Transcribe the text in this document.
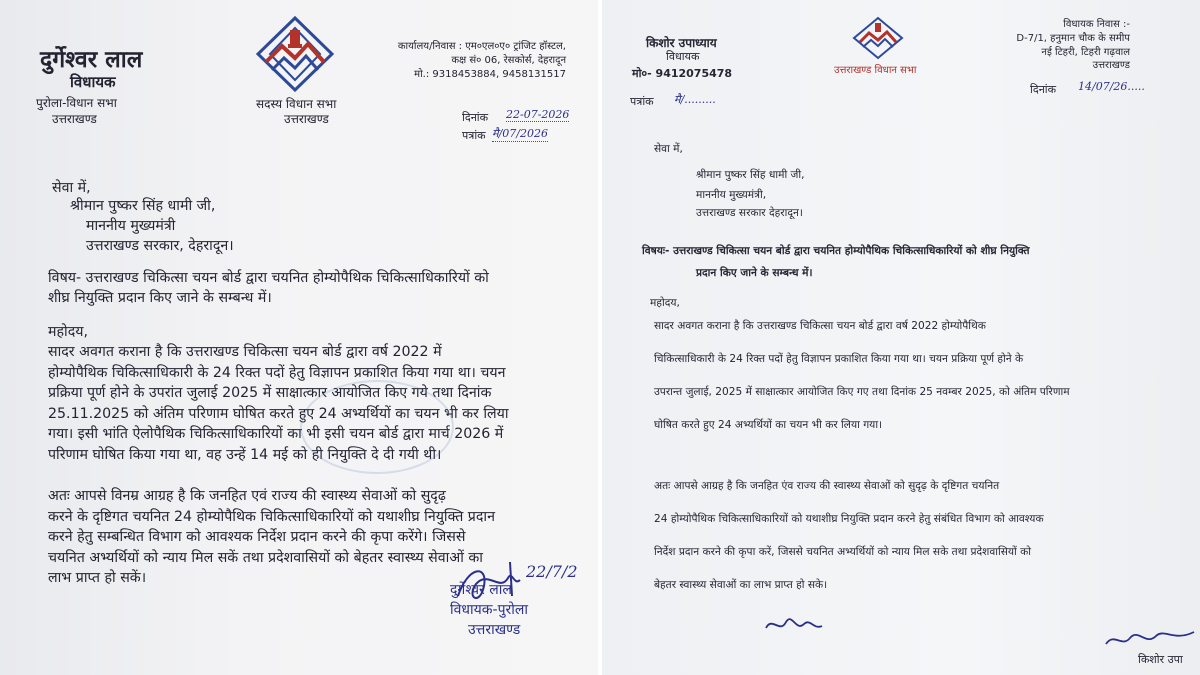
दुर्गेश्वर लाल
विधायक
पुरोला-विधान सभा
उत्तराखण्ड
सदस्य विधान सभा
उत्तराखण्ड
कार्यालय/निवास : एम०एल०ए० ट्रांजिट हॉस्टल,
कक्ष सं० 06, रेसकोर्स, देहरादून
मो.: 9318453884, 9458131517
दिनांक 22-07-2026
पत्रांक मै/07/2026
सेवा में,
श्रीमान पुष्कर सिंह धामी जी,
माननीय मुख्यमंत्री
उत्तराखण्ड सरकार, देहरादून।
विषय- उत्तराखण्ड चिकित्सा चयन बोर्ड द्वारा चयनित होम्योपैथिक चिकित्साधिकारियों को
शीघ्र नियुक्ति प्रदान किए जाने के सम्बन्ध में।
महोदय,
सादर अवगत कराना है कि उत्तराखण्ड चिकित्सा चयन बोर्ड द्वारा वर्ष 2022 में
होम्योपैथिक चिकित्साधिकारी के 24 रिक्त पदों हेतु विज्ञापन प्रकाशित किया गया था। चयन
प्रक्रिया पूर्ण होने के उपरांत जुलाई 2025 में साक्षात्कार आयोजित किए गये तथा दिनांक
25.11.2025 को अंतिम परिणाम घोषित करते हुए 24 अभ्यर्थियों का चयन भी कर लिया
गया। इसी भांति ऐलोपैथिक चिकित्साधिकारियों का भी इसी चयन बोर्ड द्वारा मार्च 2026 में
परिणाम घोषित किया गया था, वह उन्हें 14 मई को ही नियुक्ति दे दी गयी थी।
अतः आपसे विनम्र आग्रह है कि जनहित एवं राज्य की स्वास्थ्य सेवाओं को सुदृढ़
करने के दृष्टिगत चयनित 24 होम्योपैथिक चिकित्साधिकारियों को यथाशीघ्र नियुक्ति प्रदान
करने हेतु सम्बन्धित विभाग को आवश्यक निर्देश प्रदान करने की कृपा करेंगे। जिससे
चयनित अभ्यर्थियों को न्याय मिल सकें तथा प्रदेशवासियों को बेहतर स्वास्थ्य सेवाओं का
लाभ प्राप्त हो सकें।	22/7/2
दुर्गेश्वर लाल
विधायक-पुरोला
उत्तराखण्ड
किशोर उपाध्याय
विधायक
मो०- 9412075478	उत्तराखण्ड विधान सभा
विधायक निवास :-
D-7/1, हनुमान चौक के समीप
नई टिहरी, टिहरी गढ़वाल
उत्तराखण्ड
पत्रांक मै/.........
दिनांक 14/07/26.....
सेवा में,
श्रीमान पुष्कर सिंह धामी जी,
माननीय मुख्यमंत्री,
उत्तराखण्ड सरकार देहरादून।
विषयः- उत्तराखण्ड चिकित्सा चयन बोर्ड द्वारा चयनित होम्योपैथिक चिकित्साधिकारियों को शीघ्र नियुक्ति
प्रदान किए जाने के सम्बन्ध में।
महोदय,
सादर अवगत कराना है कि उत्तराखण्ड चिकित्सा चयन बोर्ड द्वारा वर्ष 2022 होम्योपैथिक
चिकित्साधिकारी के 24 रिक्त पदों हेतु विज्ञापन प्रकाशित किया गया था। चयन प्रक्रिया पूर्ण होने के
उपरान्त जुलाई, 2025 में साक्षात्कार आयोजित किए गए तथा दिनांक 25 नवम्बर 2025, को अंतिम परिणाम
घोषित करते हुए 24 अभ्यर्थियों का चयन भी कर लिया गया।
अतः आपसे आग्रह है कि जनहित एंव राज्य की स्वास्थ्य सेवाओं को सुदृढ़ के दृष्टिगत चयनित
24 होम्योपैथिक चिकित्साधिकारियों को यथाशीघ्र नियुक्ति प्रदान करने हेतु संबंधित विभाग को आवश्यक
निर्देश प्रदान करने की कृपा करें, जिससे चयनित अभ्यर्थियों को न्याय मिल सके तथा प्रदेशवासियों को
बेहतर स्वास्थ्य सेवाओं का लाभ प्राप्त हो सके।
किशोर उपा
